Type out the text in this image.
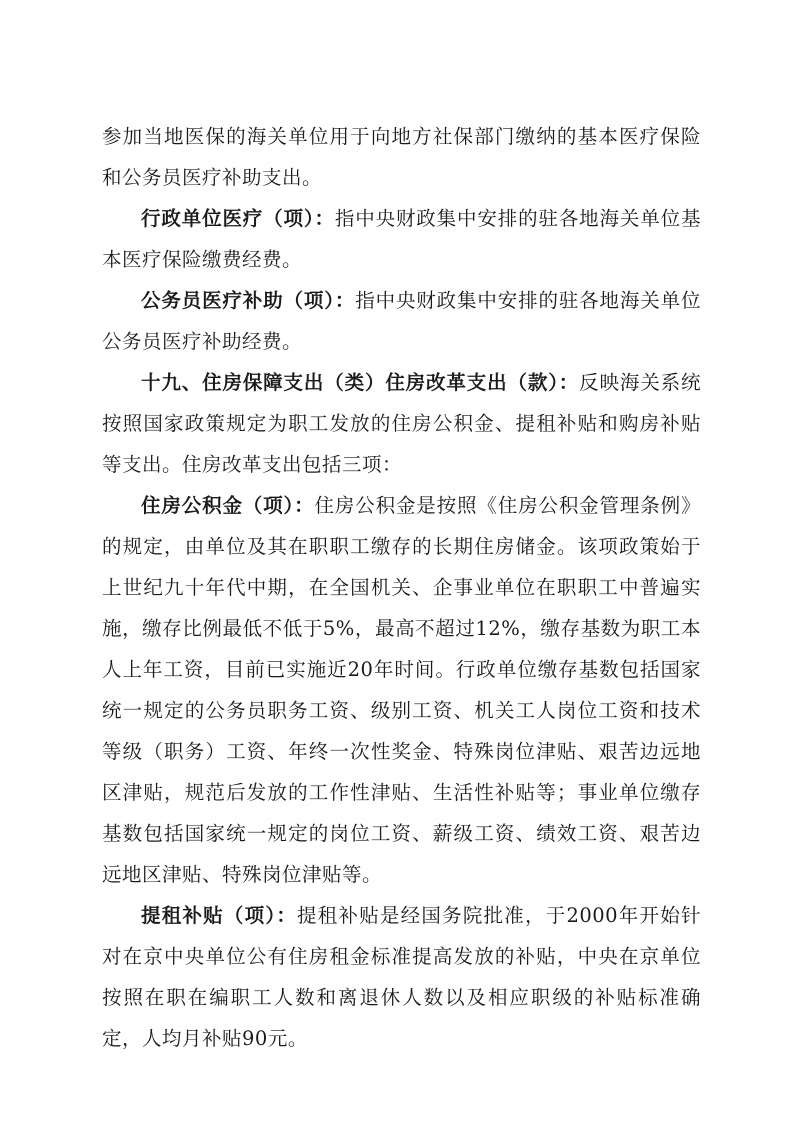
参加当地医保的海关单位用于向地方社保部门缴纳的基本医疗保险和公务员医疗补助支出。

行政单位医疗（项）：指中央财政集中安排的驻各地海关单位基本医疗保险缴费经费。

公务员医疗补助（项）：指中央财政集中安排的驻各地海关单位公务员医疗补助经费。

十九、住房保障支出（类）住房改革支出（款）：反映海关系统按照国家政策规定为职工发放的住房公积金、提租补贴和购房补贴等支出。住房改革支出包括三项：

住房公积金（项）：住房公积金是按照《住房公积金管理条例》的规定，由单位及其在职职工缴存的长期住房储金。该项政策始于上世纪九十年代中期，在全国机关、企事业单位在职职工中普遍实施，缴存比例最低不低于5%，最高不超过12%，缴存基数为职工本人上年工资，目前已实施近20年时间。行政单位缴存基数包括国家统一规定的公务员职务工资、级别工资、机关工人岗位工资和技术等级（职务）工资、年终一次性奖金、特殊岗位津贴、艰苦边远地区津贴，规范后发放的工作性津贴、生活性补贴等；事业单位缴存基数包括国家统一规定的岗位工资、薪级工资、绩效工资、艰苦边远地区津贴、特殊岗位津贴等。

提租补贴（项）：提租补贴是经国务院批准，于2000年开始针对在京中央单位公有住房租金标准提高发放的补贴，中央在京单位按照在职在编职工人数和离退休人数以及相应职级的补贴标准确定，人均月补贴90元。
